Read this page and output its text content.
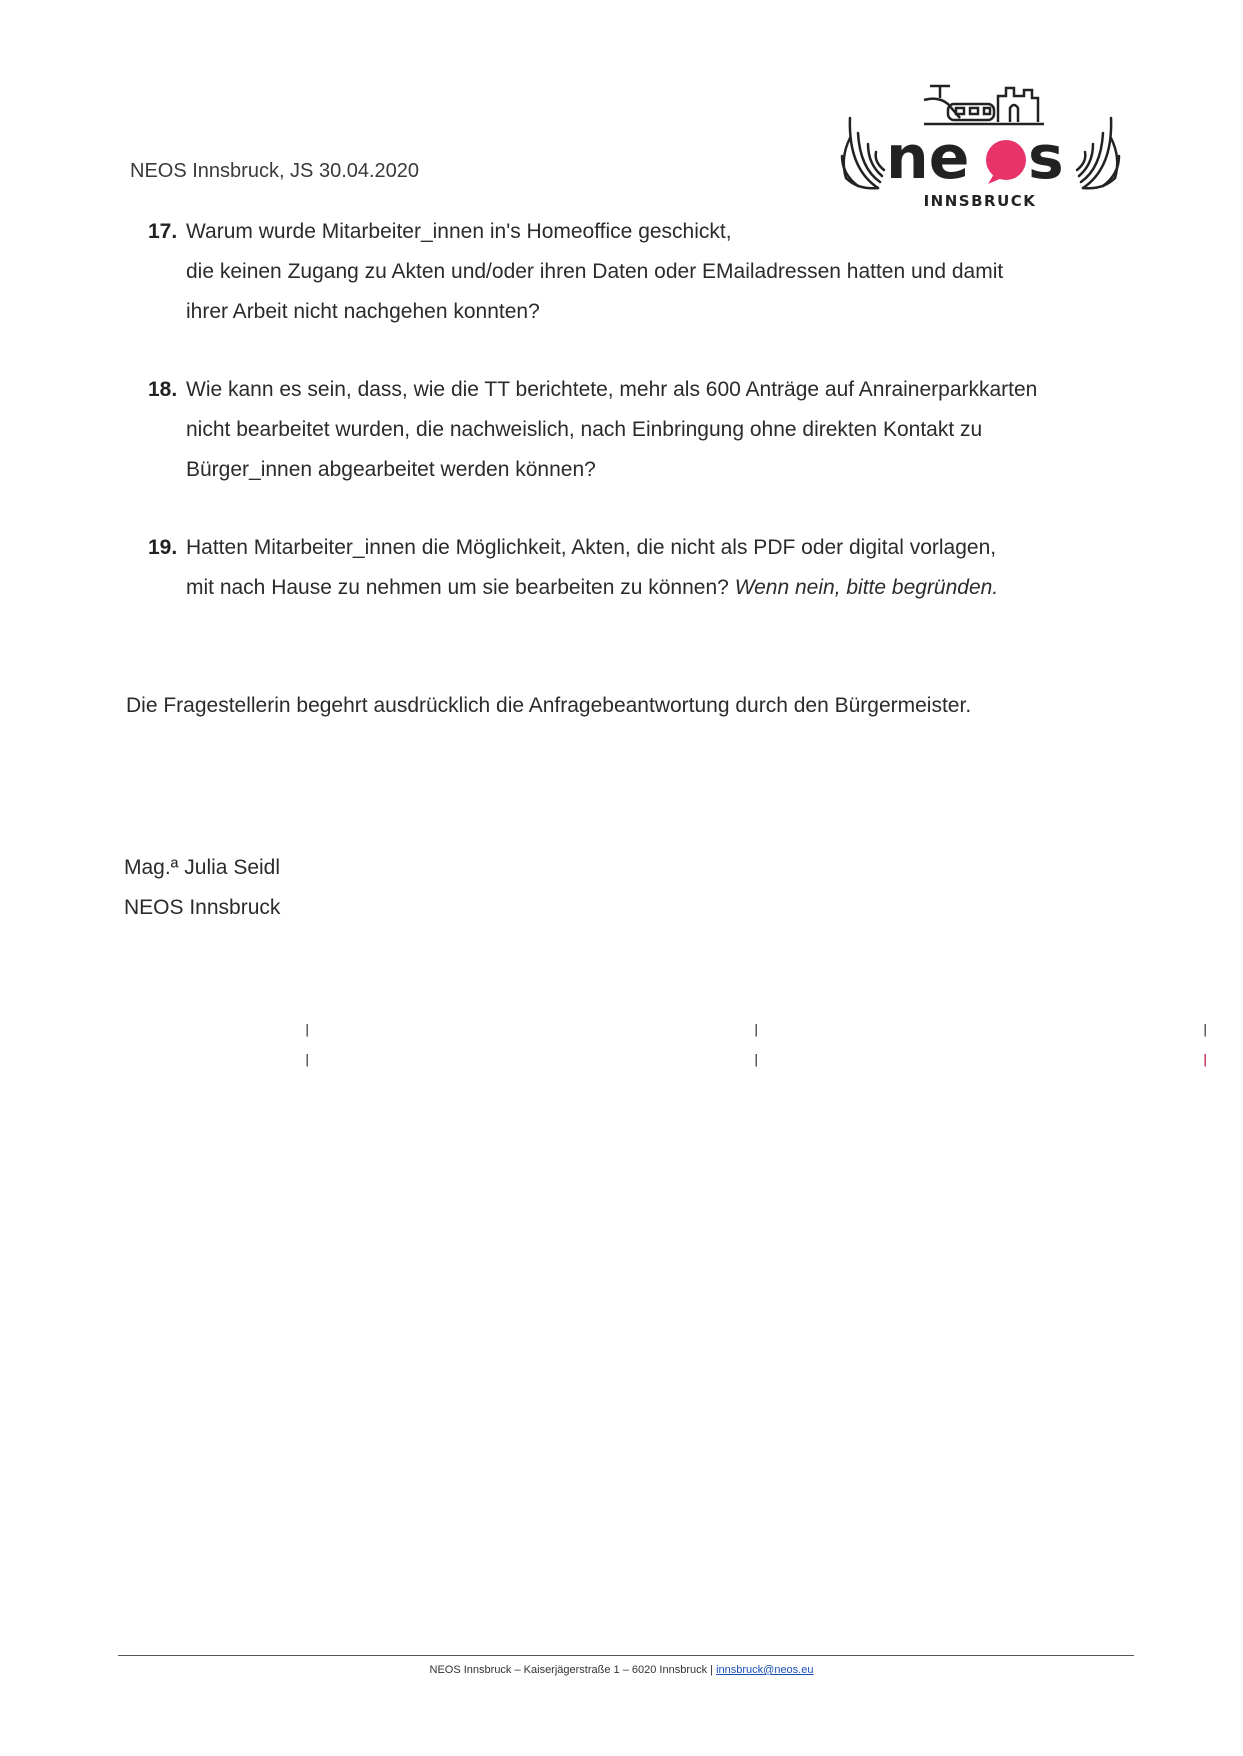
NEOS Innsbruck, JS 30.04.2020	ne s
INNSBRUCK
17. Warum wurde Mitarbeiter_innen in's Homeoffice geschickt,
die keinen Zugang zu Akten und/oder ihren Daten oder EMailadressen hatten und damit
ihrer Arbeit nicht nachgehen konnten?
18. Wie kann es sein, dass, wie die TT berichtete, mehr als 600 Anträge auf Anrainerparkkarten
nicht bearbeitet wurden, die nachweislich, nach Einbringung ohne direkten Kontakt zu
Bürger_innen abgearbeitet werden können?
19. Hatten Mitarbeiter_innen die Möglichkeit, Akten, die nicht als PDF oder digital vorlagen,
mit nach Hause zu nehmen um sie bearbeiten zu können? Wenn nein, bitte begründen.
Die Fragestellerin begehrt ausdrücklich die Anfragebeantwortung durch den Bürgermeister.
Mag.ª Julia Seidl
NEOS Innsbruck
ꞁ
ꞁ
ꞁ
ꞁ
ꞁ
ꞁ
NEOS Innsbruck – Kaiserjägerstraße 1 – 6020 Innsbruck | innsbruck@neos.eu
